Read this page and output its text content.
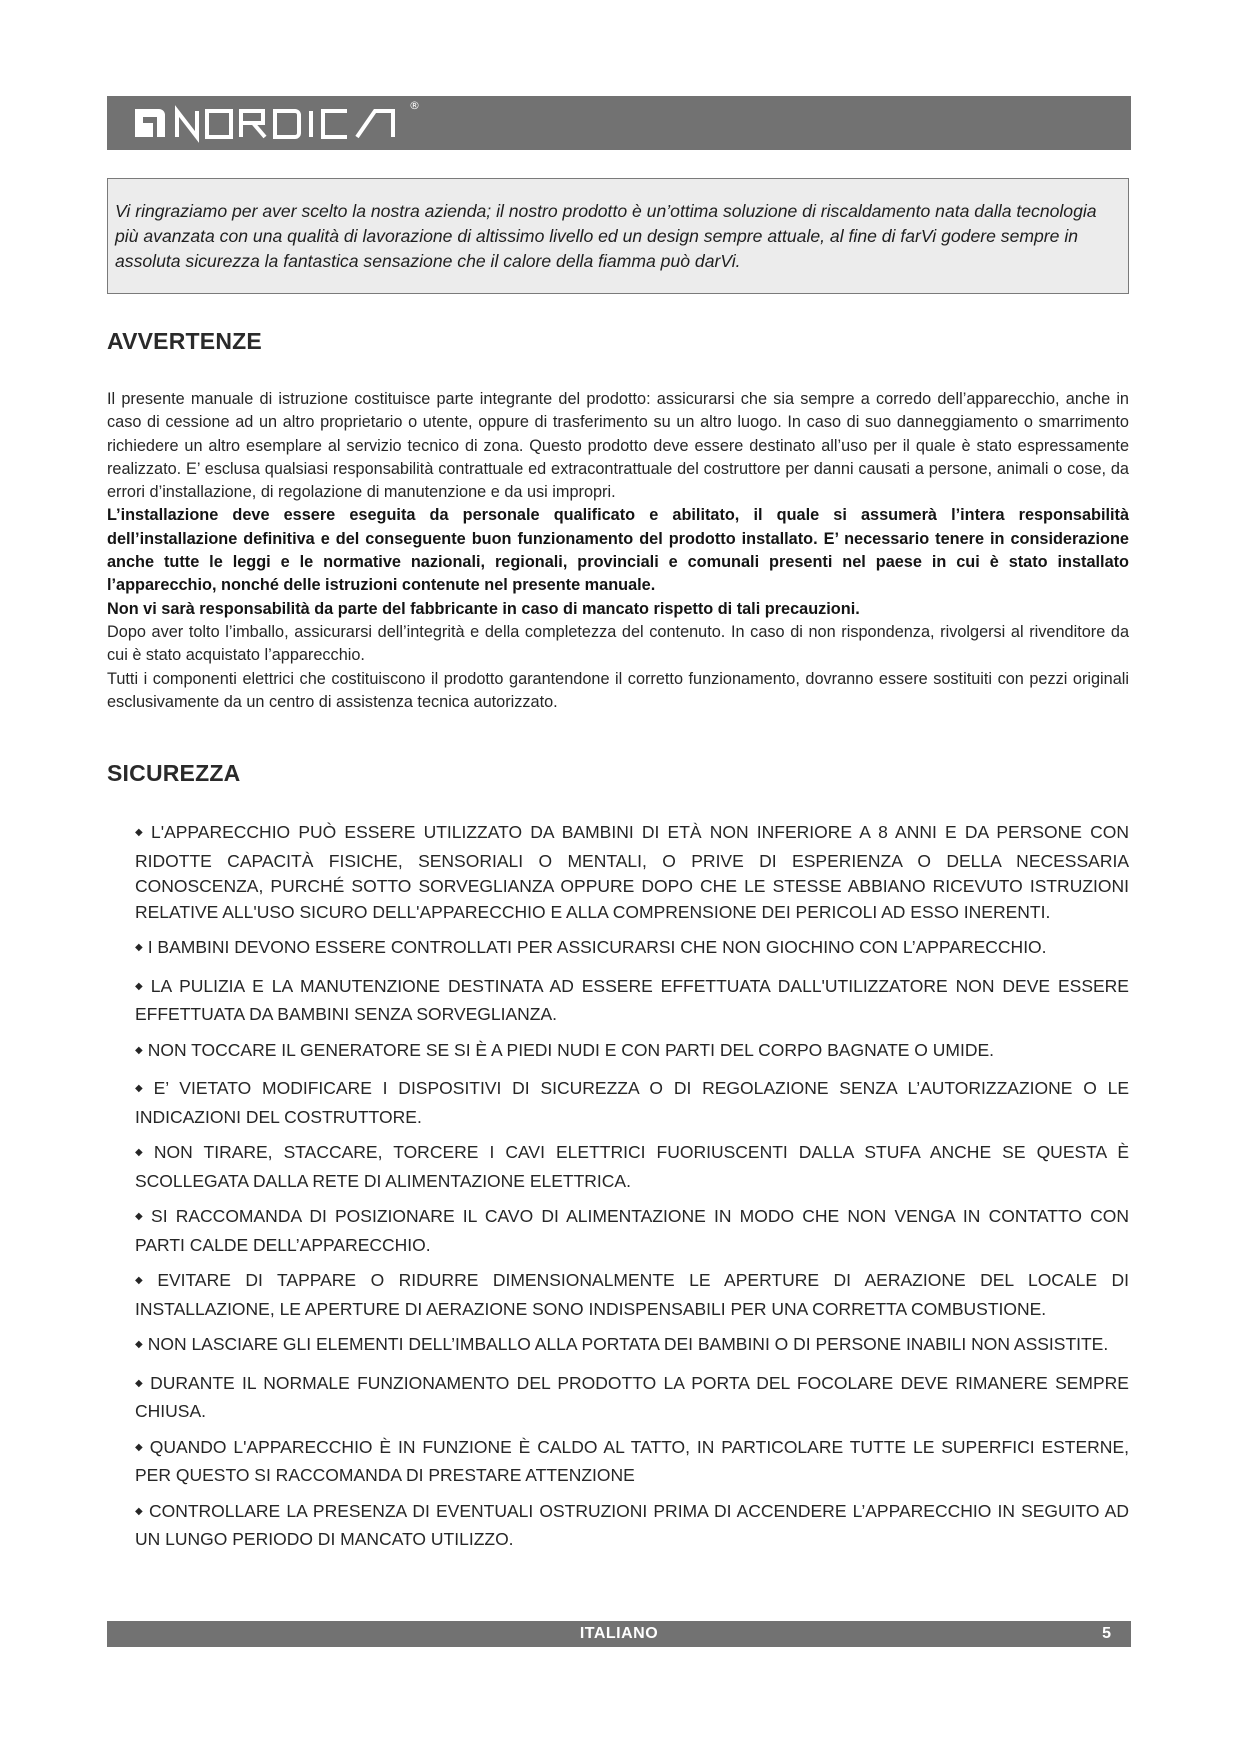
®

Vi ringraziamo per aver scelto la nostra azienda; il nostro prodotto è un’ottima soluzione di riscaldamento nata dalla tecnologia più avanzata con una qualità di lavorazione di altissimo livello ed un design sempre attuale, al fine di farVi godere sempre in assoluta sicurezza la fantastica sensazione che il calore della fiamma può darVi.

AVVERTENZE

Il presente manuale di istruzione costituisce parte integrante del prodotto: assicurarsi che sia sempre a corredo dell’apparecchio, anche in caso di cessione ad un altro proprietario o utente, oppure di trasferimento su un altro luogo. In caso di suo danneggiamento o smarrimento richiedere un altro esemplare al servizio tecnico di zona. Questo prodotto deve essere destinato all’uso per il quale è stato espressamente realizzato. E’ esclusa qualsiasi responsabilità contrattuale ed extracontrattuale del costruttore per danni causati a persone, animali o cose, da errori d’installazione, di regolazione di manutenzione e da usi impropri.

L’installazione deve essere eseguita da personale qualificato e abilitato, il quale si assumerà l’intera responsabilità dell’installazione definitiva e del conseguente buon funzionamento del prodotto installato. E’ necessario tenere in considerazione anche tutte le leggi e le normative nazionali, regionali, provinciali e comunali presenti nel paese in cui è stato installato l’apparecchio, nonché delle istruzioni contenute nel presente manuale.

Non vi sarà responsabilità da parte del fabbricante in caso di mancato rispetto di tali precauzioni.

Dopo aver tolto l’imballo, assicurarsi dell’integrità e della completezza del contenuto. In caso di non rispondenza, rivolgersi al rivenditore da cui è stato acquistato l’apparecchio.

Tutti i componenti elettrici che costituiscono il prodotto garantendone il corretto funzionamento, dovranno essere sostituiti con pezzi originali esclusivamente da un centro di assistenza tecnica autorizzato.

SICUREZZA
◆ L'APPARECCHIO PUÒ ESSERE UTILIZZATO DA BAMBINI DI ETÀ NON INFERIORE A 8 ANNI E DA PERSONE CON RIDOTTE CAPACITÀ FISICHE, SENSORIALI O MENTALI, O PRIVE DI ESPERIENZA O DELLA NECESSARIA CONOSCENZA, PURCHÉ SOTTO SORVEGLIANZA OPPURE DOPO CHE LE STESSE ABBIANO RICEVUTO ISTRUZIONI RELATIVE ALL'USO SICURO DELL'APPARECCHIO E ALLA COMPRENSIONE DEI PERICOLI AD ESSO INERENTI.
◆ I BAMBINI DEVONO ESSERE CONTROLLATI PER ASSICURARSI CHE NON GIOCHINO CON L’APPARECCHIO.
◆ LA PULIZIA E LA MANUTENZIONE DESTINATA AD ESSERE EFFETTUATA DALL'UTILIZZATORE NON DEVE ESSERE EFFETTUATA DA BAMBINI SENZA SORVEGLIANZA.
◆ NON TOCCARE IL GENERATORE SE SI È A PIEDI NUDI E CON PARTI DEL CORPO BAGNATE O UMIDE.
◆ E’ VIETATO MODIFICARE I DISPOSITIVI DI SICUREZZA O DI REGOLAZIONE SENZA L’AUTORIZZAZIONE O LE INDICAZIONI DEL COSTRUTTORE.
◆ NON TIRARE, STACCARE, TORCERE I CAVI ELETTRICI FUORIUSCENTI DALLA STUFA ANCHE SE QUESTA È SCOLLEGATA DALLA RETE DI ALIMENTAZIONE ELETTRICA.
◆ SI RACCOMANDA DI POSIZIONARE IL CAVO DI ALIMENTAZIONE IN MODO CHE NON VENGA IN CONTATTO CON PARTI CALDE DELL’APPARECCHIO.
◆ EVITARE DI TAPPARE O RIDURRE DIMENSIONALMENTE LE APERTURE DI AERAZIONE DEL LOCALE DI INSTALLAZIONE, LE APERTURE DI AERAZIONE SONO INDISPENSABILI PER UNA CORRETTA COMBUSTIONE.
◆ NON LASCIARE GLI ELEMENTI DELL’IMBALLO ALLA PORTATA DEI BAMBINI O DI PERSONE INABILI NON ASSISTITE.
◆ DURANTE IL NORMALE FUNZIONAMENTO DEL PRODOTTO LA PORTA DEL FOCOLARE DEVE RIMANERE SEMPRE CHIUSA.
◆ QUANDO L'APPARECCHIO È IN FUNZIONE È CALDO AL TATTO, IN PARTICOLARE TUTTE LE SUPERFICI ESTERNE, PER QUESTO SI RACCOMANDA DI PRESTARE ATTENZIONE
◆ CONTROLLARE LA PRESENZA DI EVENTUALI OSTRUZIONI PRIMA DI ACCENDERE L’APPARECCHIO IN SEGUITO AD UN LUNGO PERIODO DI MANCATO UTILIZZO.
ITALIANO	5
